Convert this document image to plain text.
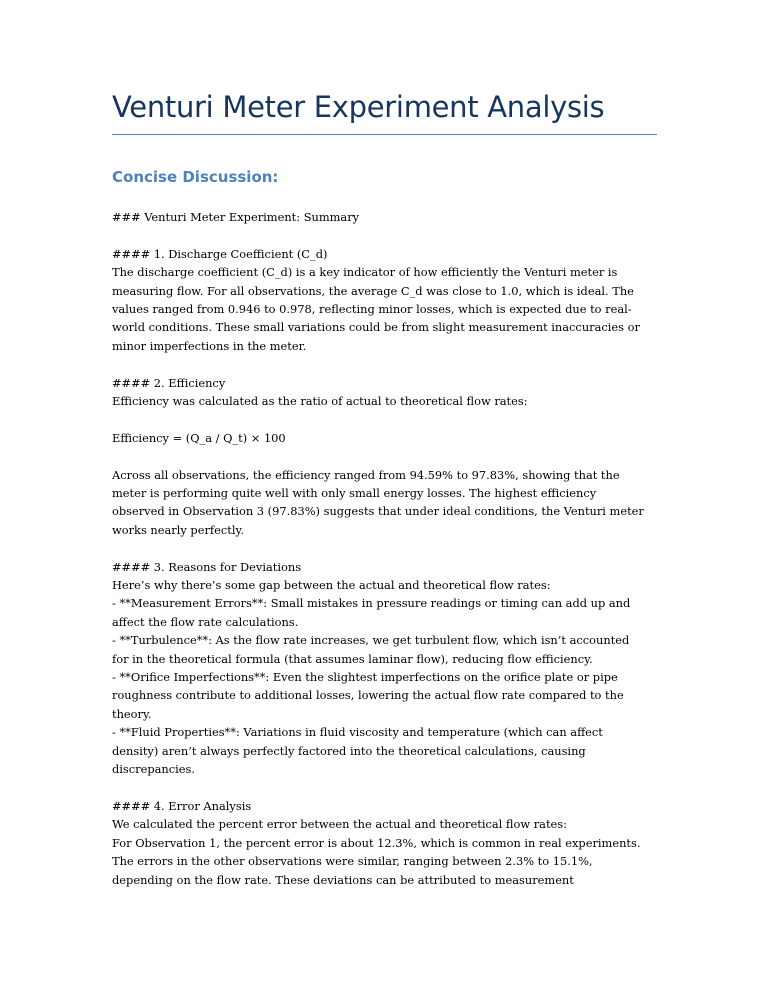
Venturi Meter Experiment Analysis
Concise Discussion:

### Venturi Meter Experiment: Summary

#### 1. Discharge Coefficient (C_d)

The discharge coefficient (C_d) is a key indicator of how efficiently the Venturi meter is

measuring flow. For all observations, the average C_d was close to 1.0, which is ideal. The

values ranged from 0.946 to 0.978, reflecting minor losses, which is expected due to real-

world conditions. These small variations could be from slight measurement inaccuracies or

minor imperfections in the meter.

#### 2. Efficiency

Efficiency was calculated as the ratio of actual to theoretical flow rates:

Efficiency = (Q_a / Q_t) × 100

Across all observations, the efficiency ranged from 94.59% to 97.83%, showing that the

meter is performing quite well with only small energy losses. The highest efficiency

observed in Observation 3 (97.83%) suggests that under ideal conditions, the Venturi meter

works nearly perfectly.

#### 3. Reasons for Deviations

Here’s why there’s some gap between the actual and theoretical flow rates:

- **Measurement Errors**: Small mistakes in pressure readings or timing can add up and

affect the flow rate calculations.

- **Turbulence**: As the flow rate increases, we get turbulent flow, which isn’t accounted

for in the theoretical formula (that assumes laminar flow), reducing flow efficiency.

- **Orifice Imperfections**: Even the slightest imperfections on the orifice plate or pipe

roughness contribute to additional losses, lowering the actual flow rate compared to the

theory.

- **Fluid Properties**: Variations in fluid viscosity and temperature (which can affect

density) aren’t always perfectly factored into the theoretical calculations, causing

discrepancies.

#### 4. Error Analysis

We calculated the percent error between the actual and theoretical flow rates:

For Observation 1, the percent error is about 12.3%, which is common in real experiments.

The errors in the other observations were similar, ranging between 2.3% to 15.1%,

depending on the flow rate. These deviations can be attributed to measurement
